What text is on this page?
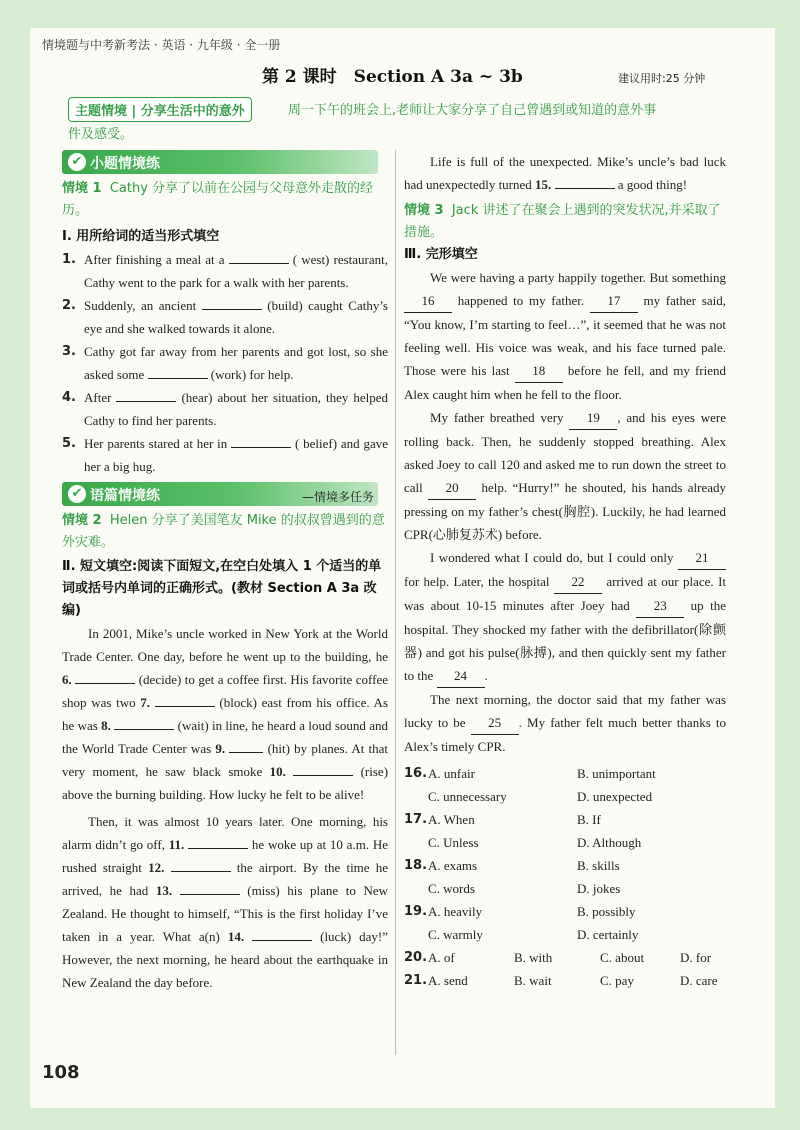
情境题与中考新考法 · 英语 · 九年级 · 全一册
第 2 课时　Section A 3a ~ 3b	建议用时:25 分钟
主题情境 | 分享生活中的意外	周一下午的班会上,老师让大家分享了自己曾遇到或知道的意外事
件及感受。
✔ 小题情境练
情境 1 Cathy 分享了以前在公园与父母意外走散的经历。
Ⅰ. 用所给词的适当形式填空
1. After finishing a meal at a	( west) restaurant, Cathy went to the park for a walk with her parents.
2. Suddenly, an ancient	(build) caught Cathy’s eye and she walked towards it alone.
3. Cathy got far away from her parents and got lost, so she asked some	(work) for help.
4. After	(hear) about her situation, they helped Cathy to find her parents.
5. Her parents stared at her in	( belief) and gave her a big hug.
✔ 语篇情境练	—情境多任务
情境 2 Helen 分享了美国笔友 Mike 的叔叔曾遇到的意外灾难。
Ⅱ. 短文填空:阅读下面短文,在空白处填入 1 个适当的单词或括号内单词的正确形式。(教材 Section A 3a 改编)
In 2001, Mike’s uncle worked in New York at the World Trade Center. One day, before he went up to the building, he 6.	(decide) to get a coffee first. His favorite coffee shop was two 7.	(block) east from his office. As he was 8.	(wait) in line, he heard a loud sound and the World Trade Center was 9.	(hit) by planes. At that very moment, he saw black smoke 10.	(rise) above the burning building. How lucky he felt to be alive!
Then, it was almost 10 years later. One morning, his alarm didn’t go off, 11.	he woke up at 10 a.m. He rushed straight 12.	the airport. By the time he arrived, he had 13.	(miss) his plane to New Zealand. He thought to himself, “This is the first holiday I’ve taken in a year. What a(n) 14.	(luck) day!” However, the next morning, he heard about the earthquake in New Zealand the day before.
Life is full of the unexpected. Mike’s uncle’s bad luck had unexpectedly turned 15.	a good thing!
情境 3 Jack 讲述了在聚会上遇到的突发状况,并采取了措施。
Ⅲ. 完形填空
We were having a party happily together. But something 16 happened to my father. 17 my father said, “You know, I’m starting to feel…”, it seemed that he was not feeling well. His voice was weak, and his face turned pale. Those were his last 18 before he fell, and my friend Alex caught him when he fell to the floor.
My father breathed very 19 , and his eyes were rolling back. Then, he suddenly stopped breathing. Alex asked Joey to call 120 and asked me to run down the street to call 20 help. “Hurry!” he shouted, his hands already pressing on my father’s chest(胸腔). Luckily, he had learned CPR(心肺复苏术) before.
I wondered what I could do, but I could only 21 for help. Later, the hospital 22 arrived at our place. It was about 10-15 minutes after Joey had 23 up the hospital. They shocked my father with the defibrillator(除颤器) and got his pulse(脉搏), and then quickly sent my father to the 24 .
The next morning, the doctor said that my father was lucky to be 25 . My father felt much better thanks to Alex’s timely CPR.
16. A. unfair	B. unimportant
C. unnecessary	D. unexpected
17. A. When	B. If
C. Unless	D. Although
18. A. exams	B. skills
C. words	D. jokes
19. A. heavily	B. possibly
C. warmly	D. certainly
20. A. of	B. with	C. about	D. for
21. A. send	B. wait	C. pay	D. care
108
